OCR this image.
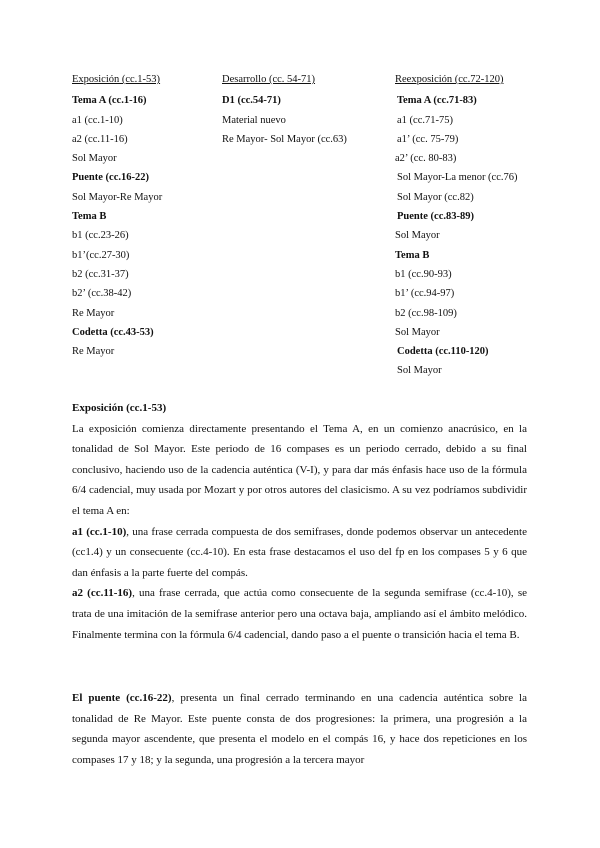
Exposición (cc.1-53)
Tema A (cc.1-16)
a1 (cc.1-10)
a2 (cc.11-16)
Sol Mayor
Puente (cc.16-22)
Sol Mayor-Re Mayor
Tema B
b1 (cc.23-26)
b1’(cc.27-30)
b2 (cc.31-37)
b2’ (cc.38-42)
Re Mayor
Codetta (cc.43-53)
Re Mayor
Desarrollo (cc. 54-71)
D1 (cc.54-71)
Material nuevo
Re Mayor- Sol Mayor (cc.63)
Reexposición (cc.72-120)
Tema A (cc.71-83)
a1 (cc.71-75)
a1’ (cc. 75-79)
a2’ (cc. 80-83)
Sol Mayor-La menor (cc.76)
Sol Mayor (cc.82)
Puente (cc.83-89)
Sol Mayor
Tema B
b1 (cc.90-93)
b1’ (cc.94-97)
b2 (cc.98-109)
Sol Mayor
Codetta (cc.110-120)
Sol Mayor

Exposición (cc.1-53)

La exposición comienza directamente presentando el Tema A, en un comienzo anacrúsico, en la tonalidad de Sol Mayor. Este periodo de 16 compases es un periodo cerrado, debido a su final conclusivo, haciendo uso de la cadencia auténtica (V-I), y para dar más énfasis hace uso de la fórmula 6/4 cadencial, muy usada por Mozart y por otros autores del clasicismo. A su vez podríamos subdividir el tema A en:

a1 (cc.1-10), una frase cerrada compuesta de dos semifrases, donde podemos observar un antecedente (cc1.4) y un consecuente (cc.4-10). En esta frase destacamos el uso del fp en los compases 5 y 6 que dan énfasis a la parte fuerte del compás.

a2 (cc.11-16), una frase cerrada, que actúa como consecuente de la segunda semifrase (cc.4-10), se trata de una imitación de la semifrase anterior pero una octava baja, ampliando así el ámbito melódico. Finalmente termina con la fórmula 6/4 cadencial, dando paso a el puente o transición hacia el tema B.

El puente (cc.16-22), presenta un final cerrado terminando en una cadencia auténtica sobre la tonalidad de Re Mayor. Este puente consta de dos progresiones: la primera, una progresión a la segunda mayor ascendente, que presenta el modelo en el compás 16, y hace dos repeticiones en los compases 17 y 18; y la segunda, una progresión a la tercera mayor
